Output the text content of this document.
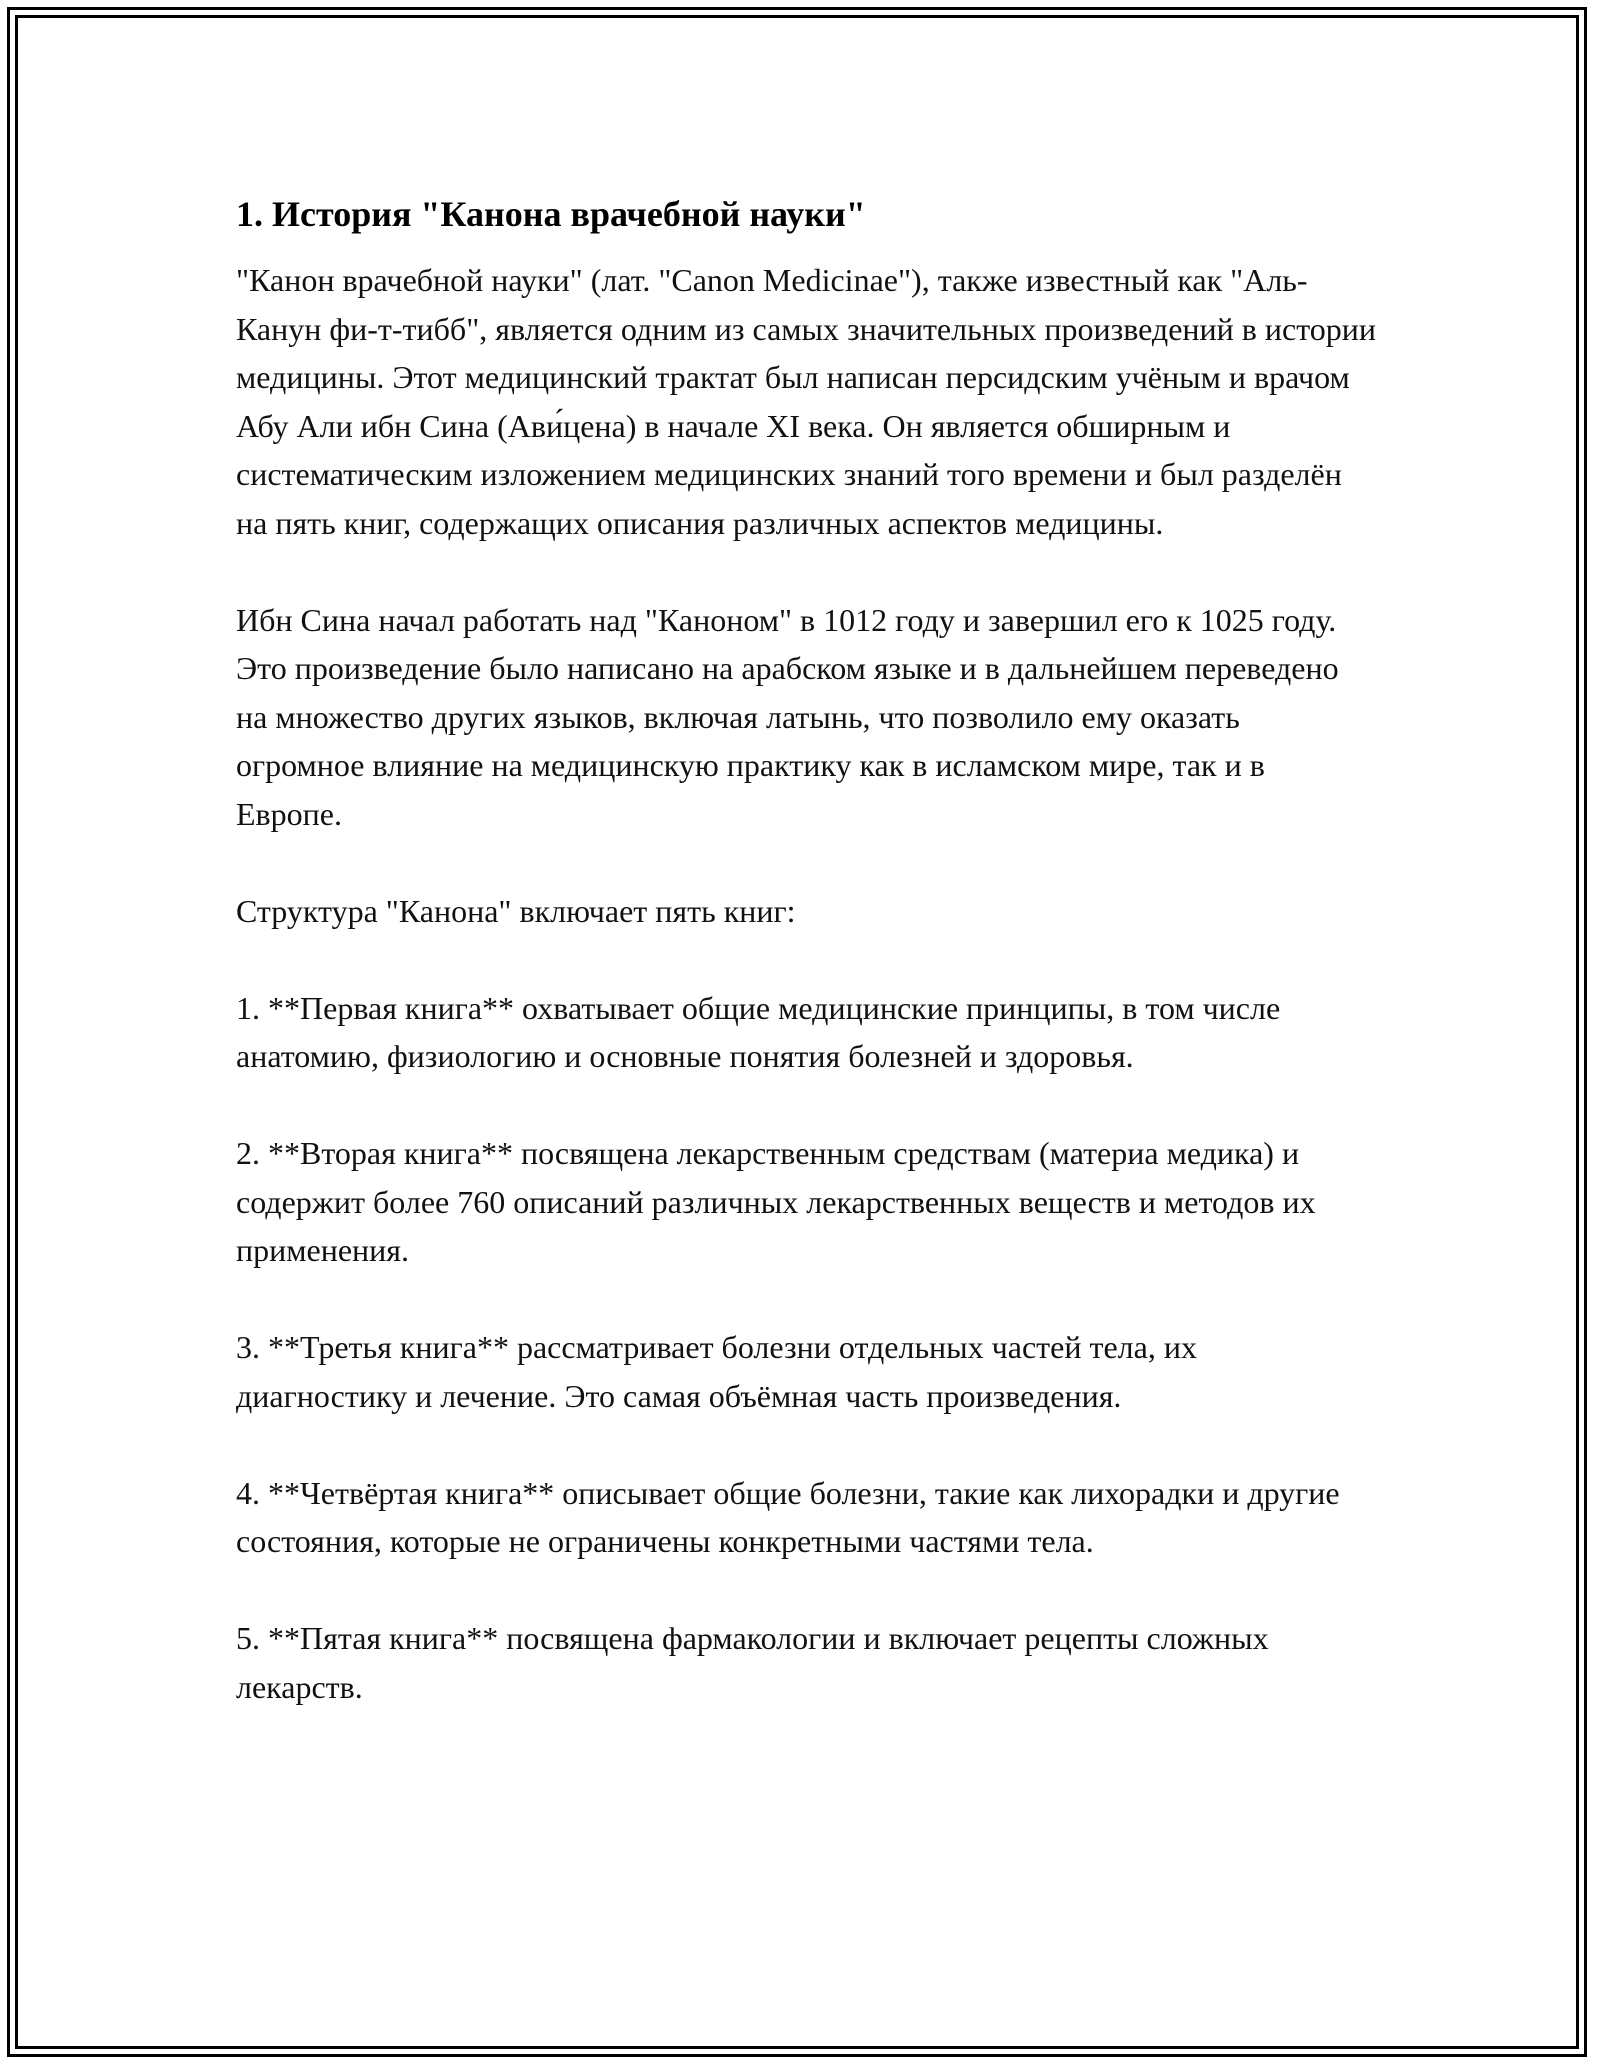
1. История "Канона врачебной науки"

"Канон врачебной науки" (лат. "Canon Medicinae"), также известный как "Аль-Канун фи-т-тибб", является одним из самых значительных произведений в истории медицины. Этот медицинский трактат был написан персидским учёным и врачом Абу Али ибн Сина (Ави́цена) в начале XI века. Он является обширным и систематическим изложением медицинских знаний того времени и был разделён на пять книг, содержащих описания различных аспектов медицины.

Ибн Сина начал работать над "Каноном" в 1012 году и завершил его к 1025 году. Это произведение было написано на арабском языке и в дальнейшем переведено на множество других языков, включая латынь, что позволило ему оказать огромное влияние на медицинскую практику как в исламском мире, так и в Европе.

Структура "Канона" включает пять книг:

1. **Первая книга** охватывает общие медицинские принципы, в том числе анатомию, физиологию и основные понятия болезней и здоровья.

2. **Вторая книга** посвящена лекарственным средствам (материа медика) и содержит более 760 описаний различных лекарственных веществ и методов их применения.

3. **Третья книга** рассматривает болезни отдельных частей тела, их диагностику и лечение. Это самая объёмная часть произведения.

4. **Четвёртая книга** описывает общие болезни, такие как лихорадки и другие состояния, которые не ограничены конкретными частями тела.

5. **Пятая книга** посвящена фармакологии и включает рецепты сложных лекарств.
